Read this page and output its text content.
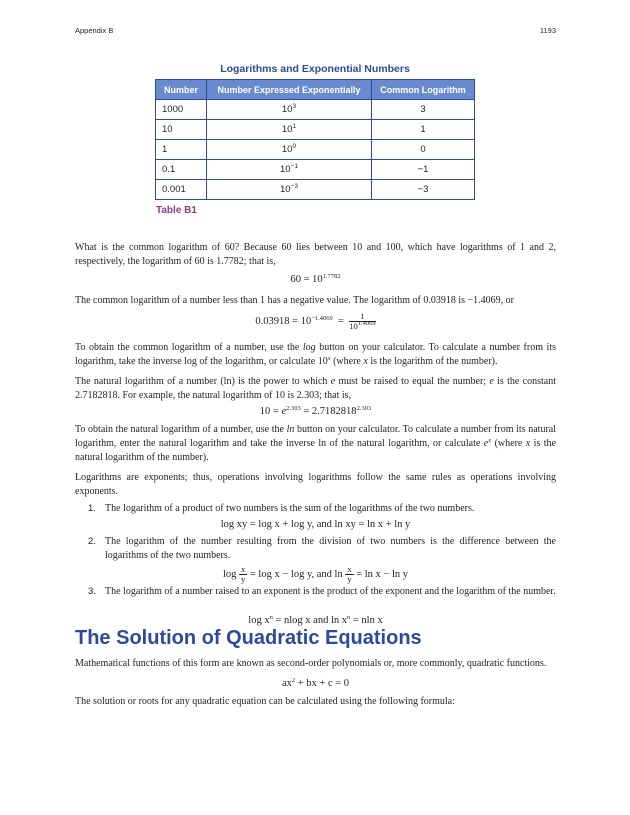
Appendix B	1193
Logarithms and Exponential Numbers
Number	Number Expressed Exponentially	Common Logarithm
1000	$10^3$	3
10	$10^1$	1
1	$10^0$	0
0.1	$10^{-1}$	−1
0.001	$10^{-3}$	−3
Table B1

What is the common logarithm of 60? Because 60 lies between 10 and 100, which have logarithms of 1 and 2, respectively, the logarithm of 60 is 1.7782; that is,

$60 = 10^{1.7782}$

The common logarithm of a number less than 1 has a negative value. The logarithm of 0.03918 is −1.4069, or

$0.03918 = 10^{-1.4069} = \frac{1}{10^{1.4069}}$

To obtain the common logarithm of a number, use the log button on your calculator. To calculate a number from its logarithm, take the inverse log of the logarithm, or calculate 10$^x$ (where x is the logarithm of the number).

The natural logarithm of a number (ln) is the power to which e must be raised to equal the number; e is the constant 2.7182818. For example, the natural logarithm of 10 is 2.303; that is,

$10 = e^{2.303} = 2.7182818^{2.303}$

To obtain the natural logarithm of a number, use the ln button on your calculator. To calculate a number from its natural logarithm, enter the natural logarithm and take the inverse ln of the natural logarithm, or calculate $e^x$ (where x is the natural logarithm of the number).

Logarithms are exponents; thus, operations involving logarithms follow the same rules as operations involving exponents.

1. The logarithm of a product of two numbers is the sum of the logarithms of the two numbers.
log xy = log x + log y, and ln xy = ln x + ln y
2. The logarithm of the number resulting from the division of two numbers is the difference between the logarithms of the two numbers.
$\log \frac{x}{y} = \log x - \log y$, and $\ln \frac{x}{y} = \ln x - \ln y$
3. The logarithm of a number raised to an exponent is the product of the exponent and the logarithm of the number.
$\log x^n = nlog$ x and $\ln x^n = nln$ x
The Solution of Quadratic Equations

Mathematical functions of this form are known as second-order polynomials or, more commonly, quadratic functions.

$ax^2$ + bx + c = 0

The solution or roots for any quadratic equation can be calculated using the following formula:
